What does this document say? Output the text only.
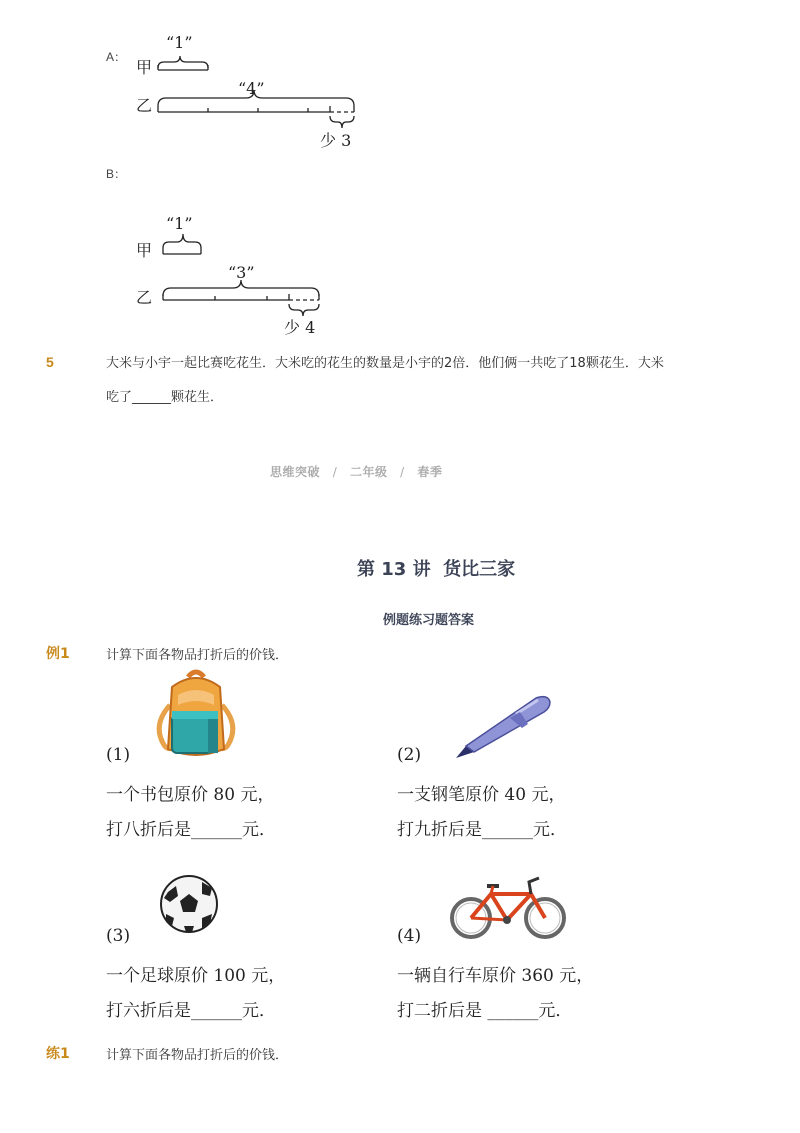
A：
甲
乙
“1”
“4”
少 3
B：
甲
乙
“1”
“3”
少 4
5	大米与小宇一起比赛吃花生．大米吃的花生的数量是小宇的2倍．他们俩一共吃了18颗花生．大米
吃了______颗花生．
思维突破 / 二年级 / 春季
第 13 讲  货比三家
例题练习题答案
例1	计算下面各物品打折后的价钱．
(1)
一个书包原价 80 元，
打八折后是______元．
(2)
一支钢笔原价 40 元，
打九折后是______元．
(3)
一个足球原价 100 元，
打六折后是______元．
(4)
一辆自行车原价 360 元，
打二折后是 ______元．
练1	计算下面各物品打折后的价钱．
